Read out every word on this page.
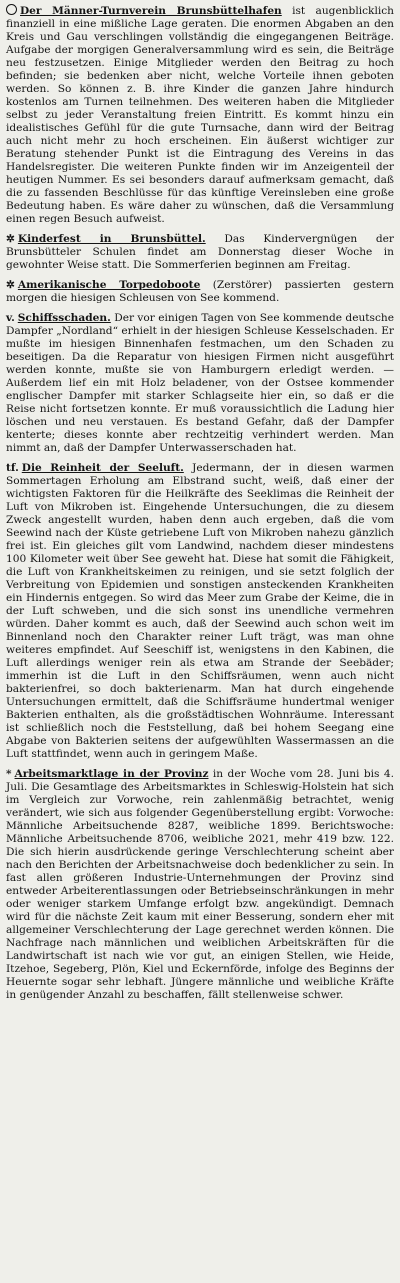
Der Männer-Turnverein Brunsbüttelhafen ist augenblicklich finanziell in eine mißliche Lage geraten. Die enormen Abgaben an den Kreis und Gau verschlingen vollständig die eingegangenen Beiträge. Aufgabe der morgigen Generalversammlung wird es sein, die Beiträge neu festzusetzen. Einige Mitglieder werden den Beitrag zu hoch befinden; sie bedenken aber nicht, welche Vorteile ihnen geboten werden. So können z. B. ihre Kinder die ganzen Jahre hindurch kostenlos am Turnen teilnehmen. Des weiteren haben die Mitglieder selbst zu jeder Veranstaltung freien Eintritt. Es kommt hinzu ein idealistisches Gefühl für die gute Turnsache, dann wird der Beitrag auch nicht mehr zu hoch erscheinen. Ein äußerst wichtiger zur Beratung stehender Punkt ist die Eintragung des Vereins in das Handelsregister. Die weiteren Punkte finden wir im Anzeigenteil der heutigen Nummer. Es sei besonders darauf aufmerksam gemacht, daß die zu fassenden Beschlüsse für das künftige Vereinsleben eine große Bedeutung haben. Es wäre daher zu wünschen, daß die Versammlung einen regen Besuch aufweist.
✲ Kinderfest in Brunsbüttel. Das Kindervergnügen der Brunsbütteler Schulen findet am Donnerstag dieser Woche in gewohnter Weise statt. Die Sommerferien beginnen am Freitag.
✲ Amerikanische Torpedoboote (Zerstörer) passierten gestern morgen die hiesigen Schleusen von See kommend.
v. Schiffsschaden. Der vor einigen Tagen von See kommende deutsche Dampfer „Nordland“ erhielt in der hiesigen Schleuse Kesselschaden. Er mußte im hiesigen Binnenhafen festmachen, um den Schaden zu beseitigen. Da die Reparatur von hiesigen Firmen nicht ausgeführt werden konnte, mußte sie von Hamburgern erledigt werden. — Außerdem lief ein mit Holz beladener, von der Ostsee kommender englischer Dampfer mit starker Schlagseite hier ein, so daß er die Reise nicht fortsetzen konnte. Er muß voraussichtlich die Ladung hier löschen und neu verstauen. Es bestand Gefahr, daß der Dampfer kenterte; dieses konnte aber rechtzeitig verhindert werden. Man nimmt an, daß der Dampfer Unterwasserschaden hat.
tf. Die Reinheit der Seeluft. Jedermann, der in diesen warmen Sommertagen Erholung am Elbstrand sucht, weiß, daß einer der wichtigsten Faktoren für die Heilkräfte des Seeklimas die Reinheit der Luft von Mikroben ist. Eingehende Untersuchungen, die zu diesem Zweck angestellt wurden, haben denn auch ergeben, daß die vom Seewind nach der Küste getriebene Luft von Mikroben nahezu gänzlich frei ist. Ein gleiches gilt vom Landwind, nachdem dieser mindestens 100 Kilometer weit über See geweht hat. Diese hat somit die Fähigkeit, die Luft von Krankheitskeimen zu reinigen, und sie setzt folglich der Verbreitung von Epidemien und sonstigen ansteckenden Krankheiten ein Hindernis entgegen. So wird das Meer zum Grabe der Keime, die in der Luft schweben, und die sich sonst ins unendliche vermehren würden. Daher kommt es auch, daß der Seewind auch schon weit im Binnenland noch den Charakter reiner Luft trägt, was man ohne weiteres empfindet. Auf Seeschiff ist, wenigstens in den Kabinen, die Luft allerdings weniger rein als etwa am Strande der Seebäder; immerhin ist die Luft in den Schiffsräumen, wenn auch nicht bakterienfrei, so doch bakterienarm. Man hat durch eingehende Untersuchungen ermittelt, daß die Schiffsräume hundertmal weniger Bakterien enthalten, als die großstädtischen Wohnräume. Interessant ist schließlich noch die Feststellung, daß bei hohem Seegang eine Abgabe von Bakterien seitens der aufgewühlten Wassermassen an die Luft stattfindet, wenn auch in geringem Maße.
* Arbeitsmarktlage in der Provinz in der Woche vom 28. Juni bis 4. Juli. Die Gesamtlage des Arbeitsmarktes in Schleswig-Holstein hat sich im Vergleich zur Vorwoche, rein zahlenmäßig betrachtet, wenig verändert, wie sich aus folgender Gegenüberstellung ergibt: Vorwoche: Männliche Arbeitsuchende 8287, weibliche 1899. Berichtswoche: Männliche Arbeitsuchende 8706, weibliche 2021, mehr 419 bzw. 122. Die sich hierin ausdrückende geringe Verschlechterung scheint aber nach den Berichten der Arbeitsnachweise doch bedenklicher zu sein. In fast allen größeren Industrie-Unternehmungen der Provinz sind entweder Arbeiterentlassungen oder Betriebseinschränkungen in mehr oder weniger starkem Umfange erfolgt bzw. angekündigt. Demnach wird für die nächste Zeit kaum mit einer Besserung, sondern eher mit allgemeiner Verschlechterung der Lage gerechnet werden können. Die Nachfrage nach männlichen und weiblichen Arbeitskräften für die Landwirtschaft ist nach wie vor gut, an einigen Stellen, wie Heide, Itzehoe, Segeberg, Plön, Kiel und Eckernförde, infolge des Beginns der Heuernte sogar sehr lebhaft. Jüngere männliche und weibliche Kräfte in genügender Anzahl zu beschaffen, fällt stellenweise schwer.
